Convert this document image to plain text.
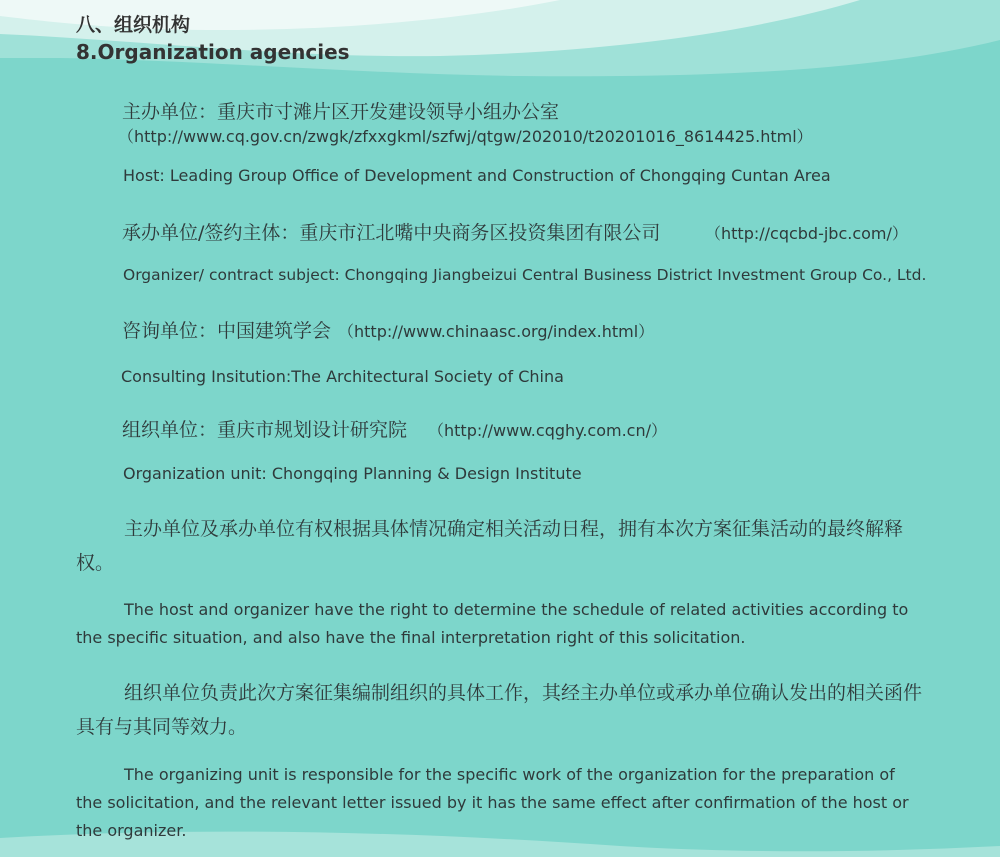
八、组织机构

8.Organization agencies

主办单位：重庆市寸滩片区开发建设领导小组办公室

（http://www.cq.gov.cn/zwgk/zfxxgkml/szfwj/qtgw/202010/t20201016_8614425.html）

Host: Leading Group Office of Development and Construction of Chongqing Cuntan Area

承办单位/签约主体：重庆市江北嘴中央商务区投资集团有限公司	（http://cqcbd-jbc.com/）

Organizer/ contract subject: Chongqing Jiangbeizui Central Business District Investment Group Co., Ltd.

咨询单位：中国建筑学会 （http://www.chinaasc.org/index.html）

Consulting Insitution:The Architectural Society of China

组织单位：重庆市规划设计研究院 （http://www.cqghy.com.cn/）

Organization unit: Chongqing Planning & Design Institute

主办单位及承办单位有权根据具体情况确定相关活动日程，拥有本次方案征集活动的最终解释权。

The host and organizer have the right to determine the schedule of related activities according to the specific situation, and also have the final interpretation right of this solicitation.

组织单位负责此次方案征集编制组织的具体工作，其经主办单位或承办单位确认发出的相关函件具有与其同等效力。

The organizing unit is responsible for the specific work of the organization for the preparation of the solicitation, and the relevant letter issued by it has the same effect after confirmation of the host or the organizer.
